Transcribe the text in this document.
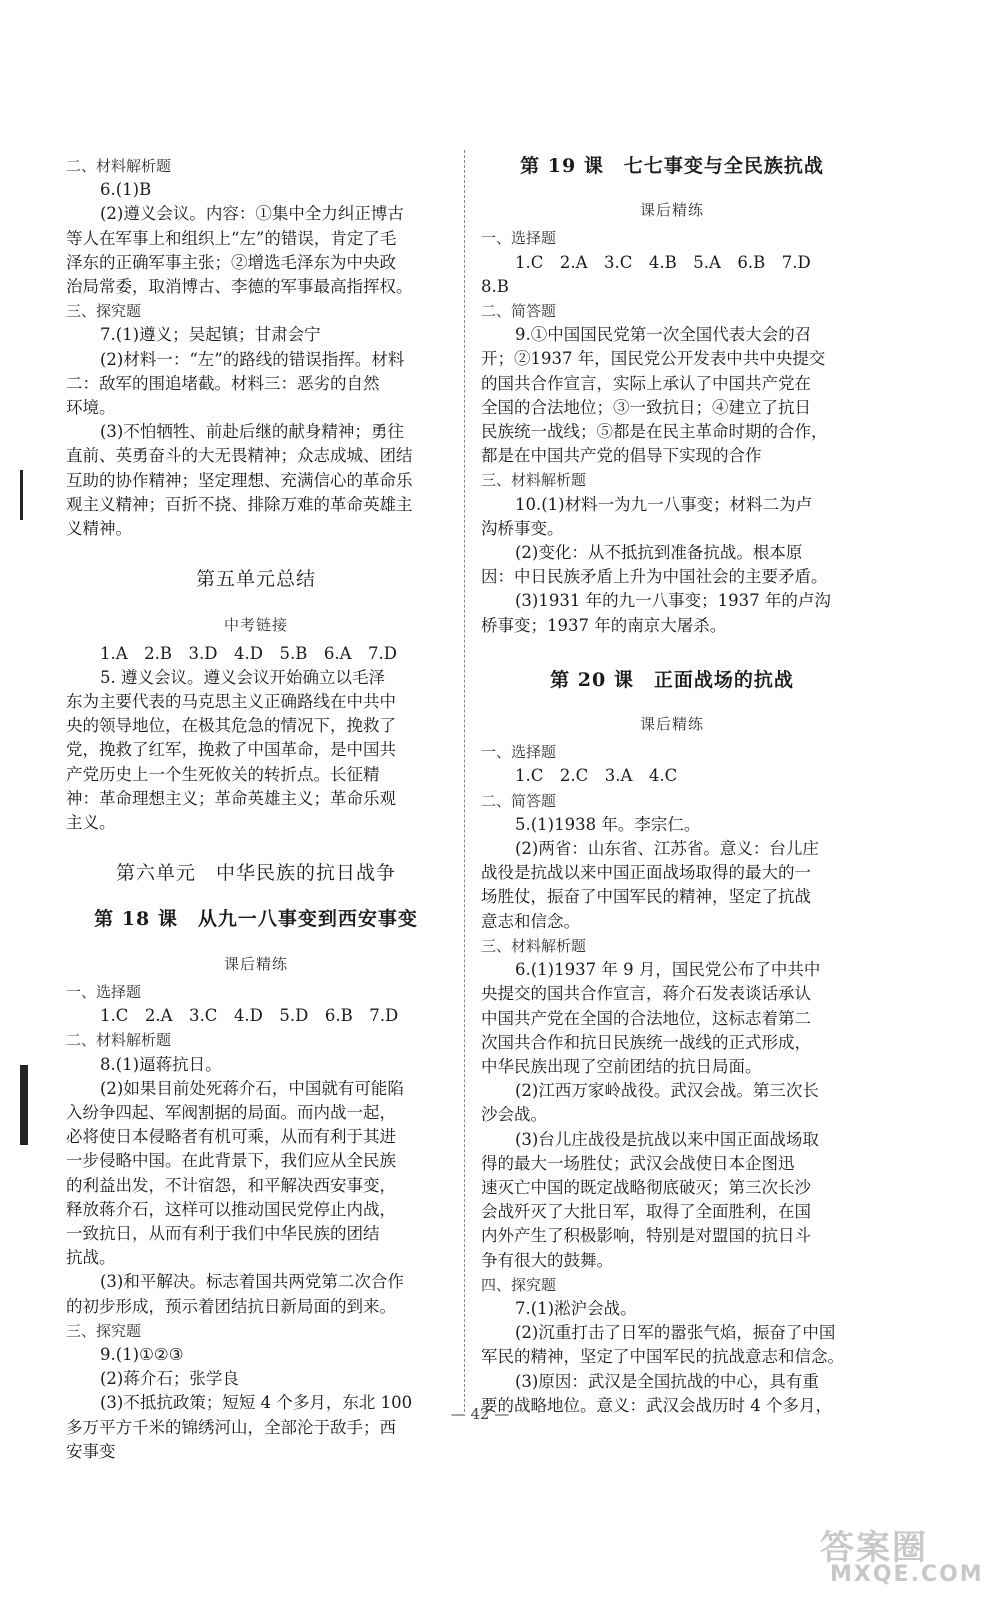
二、材料解析题
6.(1)B
(2)遵义会议。内容：①集中全力纠正博古
等人在军事上和组织上“左”的错误，肯定了毛
泽东的正确军事主张；②增选毛泽东为中央政
治局常委，取消博古、李德的军事最高指挥权。
三、探究题
7.(1)遵义；吴起镇；甘肃会宁
(2)材料一：“左”的路线的错误指挥。材料
二：敌军的围追堵截。材料三：恶劣的自然
环境。
(3)不怕牺牲、前赴后继的献身精神；勇往
直前、英勇奋斗的大无畏精神；众志成城、团结
互助的协作精神；坚定理想、充满信心的革命乐
观主义精神；百折不挠、排除万难的革命英雄主
义精神。
第五单元总结
中考链接
1.A　2.B　3.D　4.D　5.B　6.A　7.D
5. 遵义会议。遵义会议开始确立以毛泽
东为主要代表的马克思主义正确路线在中共中
央的领导地位，在极其危急的情况下，挽救了
党，挽救了红军，挽救了中国革命，是中国共
产党历史上一个生死攸关的转折点。长征精
神：革命理想主义；革命英雄主义；革命乐观
主义。
第六单元　中华民族的抗日战争
第 18 课　从九一八事变到西安事变
课后精练
一、选择题
1.C　2.A　3.C　4.D　5.D　6.B　7.D
二、材料解析题
8.(1)逼蒋抗日。
(2)如果目前处死蒋介石，中国就有可能陷
入纷争四起、军阀割据的局面。而内战一起，
必将使日本侵略者有机可乘，从而有利于其进
一步侵略中国。在此背景下，我们应从全民族
的利益出发，不计宿怨，和平解决西安事变，
释放蒋介石，这样可以推动国民党停止内战，
一致抗日，从而有利于我们中华民族的团结
抗战。
(3)和平解决。标志着国共两党第二次合作
的初步形成，预示着团结抗日新局面的到来。
三、探究题
9.(1)①②③
(2)蒋介石；张学良
(3)不抵抗政策；短短 4 个多月，东北 100
多万平方千米的锦绣河山，全部沦于敌手；西
安事变
第 19 课　七七事变与全民族抗战
课后精练
一、选择题
1.C　2.A　3.C　4.B　5.A　6.B　7.D
8.B
二、简答题
9.①中国国民党第一次全国代表大会的召
开；②1937 年，国民党公开发表中共中央提交
的国共合作宣言，实际上承认了中国共产党在
全国的合法地位；③一致抗日；④建立了抗日
民族统一战线；⑤都是在民主革命时期的合作，
都是在中国共产党的倡导下实现的合作
三、材料解析题
10.(1)材料一为九一八事变；材料二为卢
沟桥事变。
(2)变化：从不抵抗到准备抗战。根本原
因：中日民族矛盾上升为中国社会的主要矛盾。
(3)1931 年的九一八事变；1937 年的卢沟
桥事变；1937 年的南京大屠杀。
第 20 课　正面战场的抗战
课后精练
一、选择题
1.C　2.C　3.A　4.C
二、简答题
5.(1)1938 年。李宗仁。
(2)两省：山东省、江苏省。意义：台儿庄
战役是抗战以来中国正面战场取得的最大的一
场胜仗，振奋了中国军民的精神，坚定了抗战
意志和信念。
三、材料解析题
6.(1)1937 年 9 月，国民党公布了中共中
央提交的国共合作宣言，蒋介石发表谈话承认
中国共产党在全国的合法地位，这标志着第二
次国共合作和抗日民族统一战线的正式形成，
中华民族出现了空前团结的抗日局面。
(2)江西万家岭战役。武汉会战。第三次长
沙会战。
(3)台儿庄战役是抗战以来中国正面战场取
得的最大一场胜仗；武汉会战使日本企图迅
速灭亡中国的既定战略彻底破灭；第三次长沙
会战歼灭了大批日军，取得了全面胜利，在国
内外产生了积极影响，特别是对盟国的抗日斗
争有很大的鼓舞。
四、探究题
7.(1)淞沪会战。
(2)沉重打击了日军的嚣张气焰，振奋了中国
军民的精神，坚定了中国军民的抗战意志和信念。
(3)原因：武汉是全国抗战的中心，具有重
要的战略地位。意义：武汉会战历时 4 个多月，
— 42 —
答案圈
MXQE.COM
